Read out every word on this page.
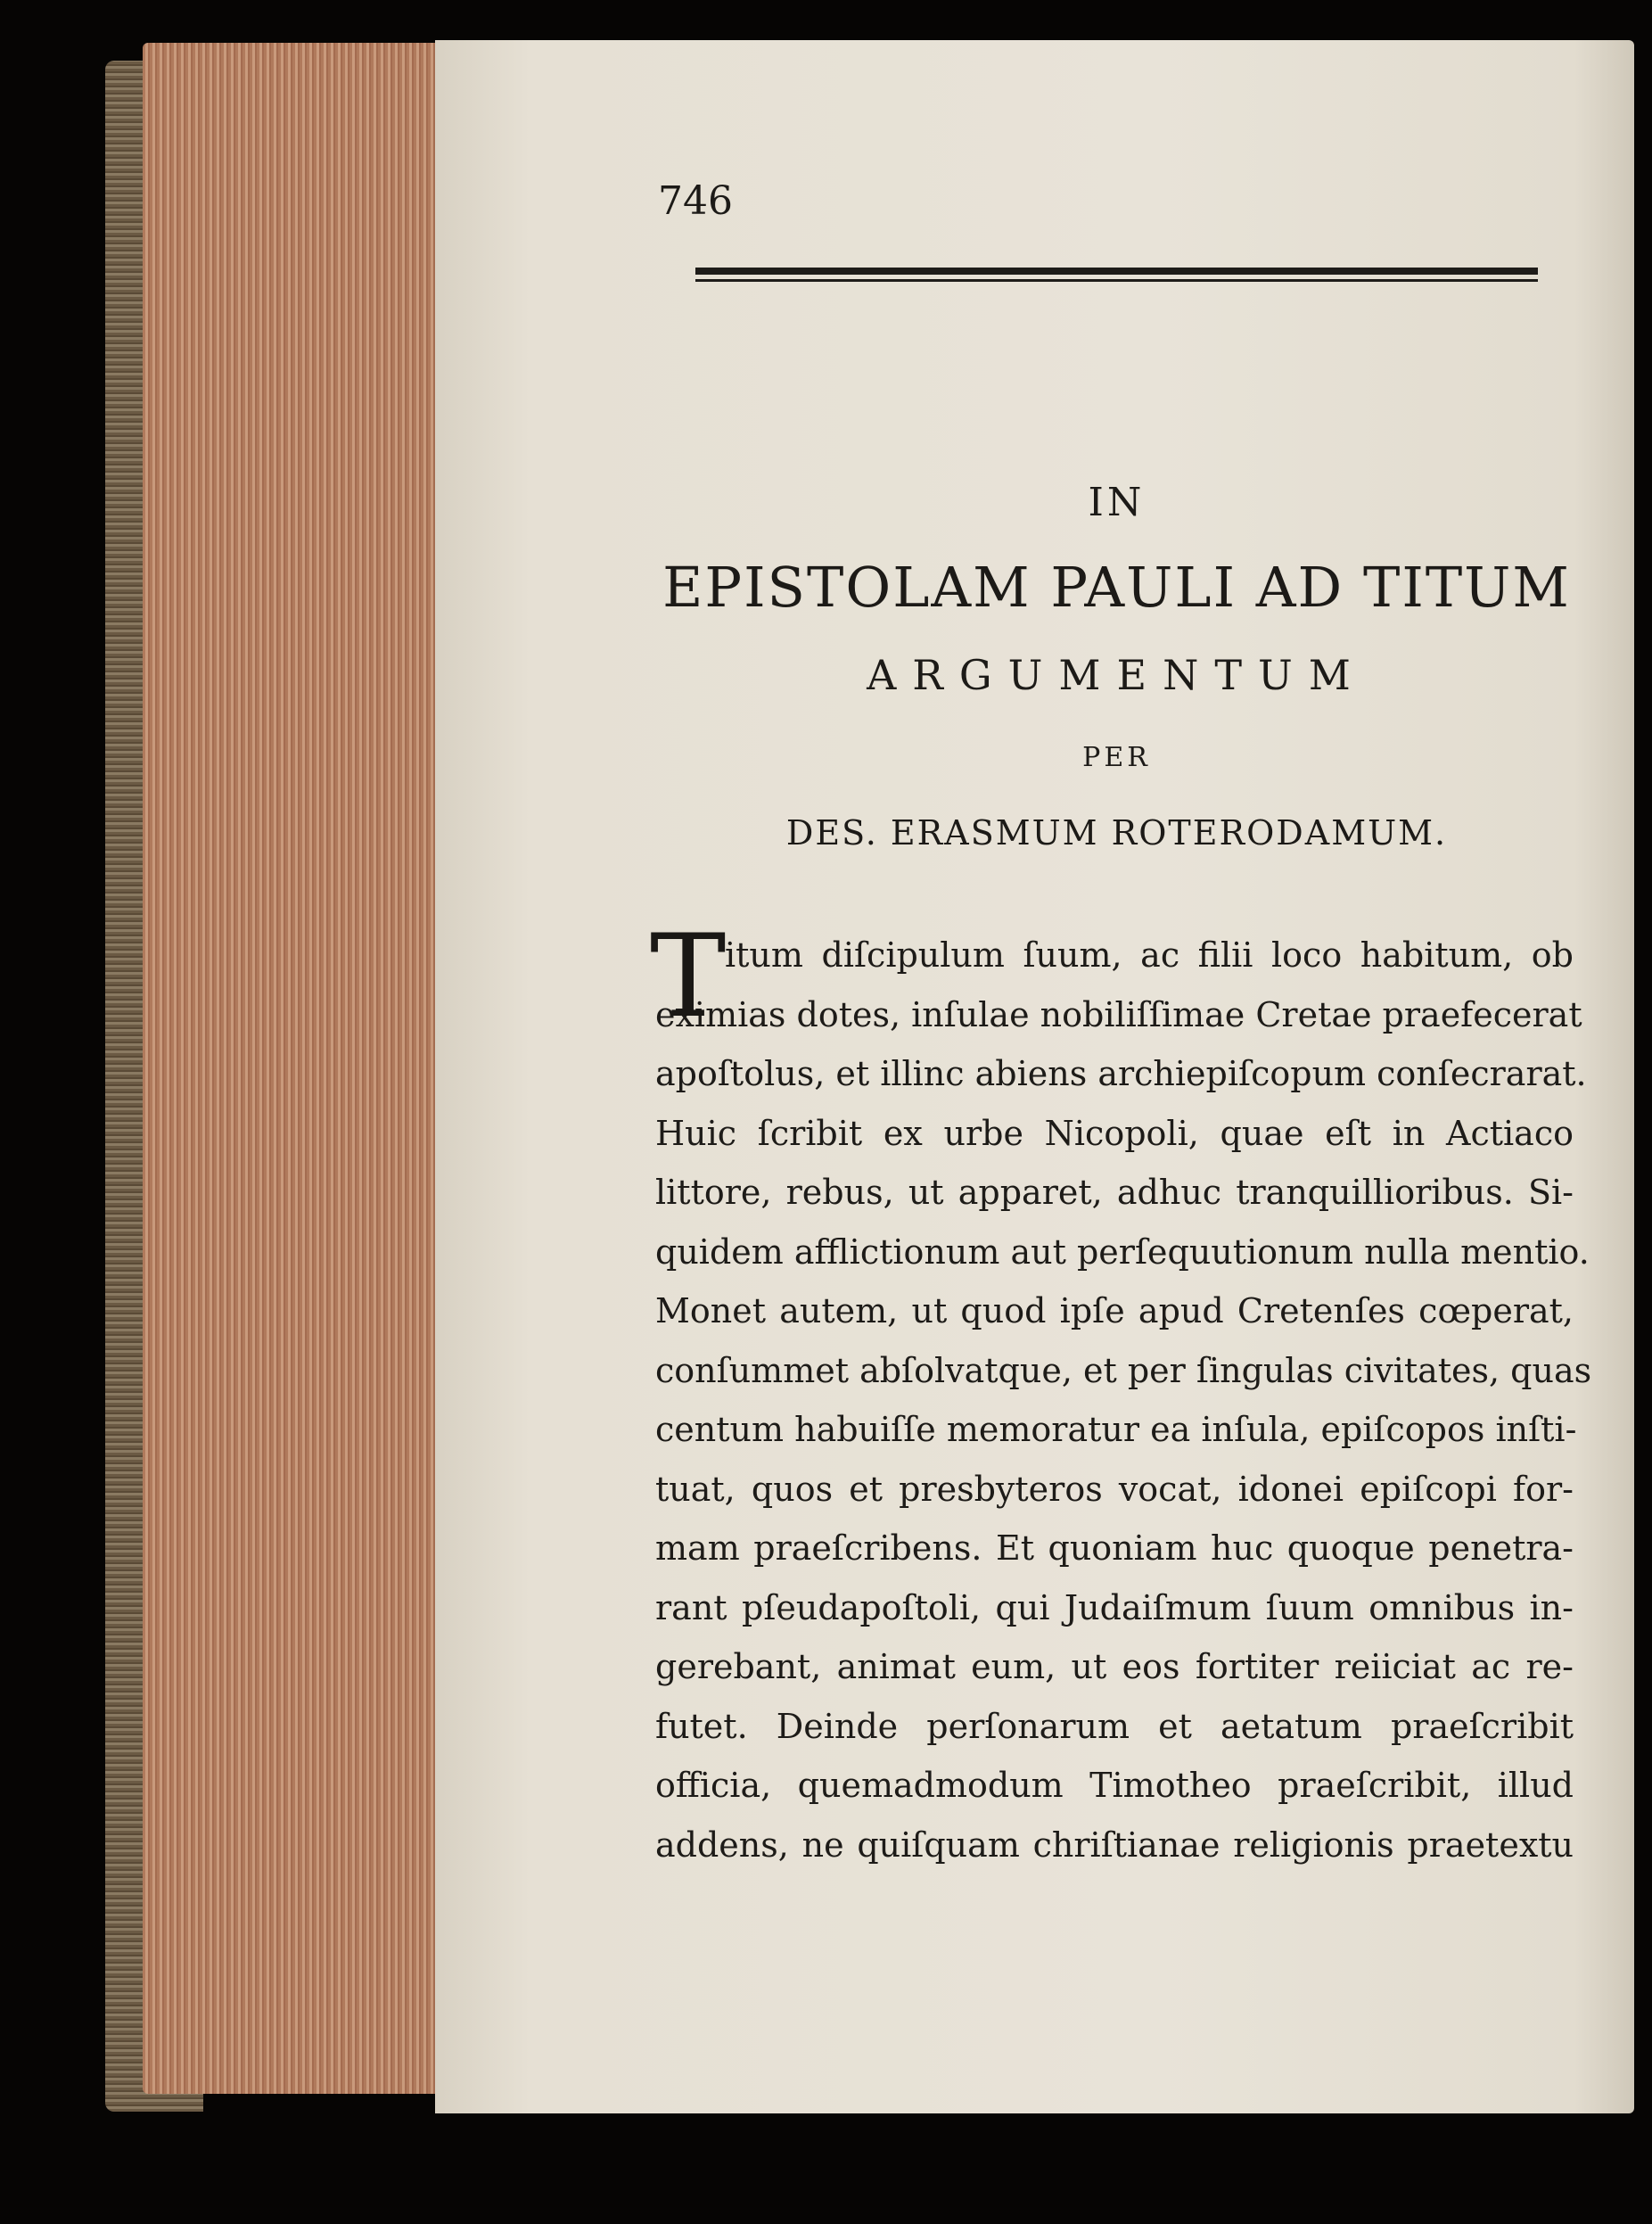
746
IN
EPISTOLAM PAULI AD TITUM
ARGUMENTUM
PER
DES. ERASMUM ROTERODAMUM.
T
itum diſcipulum ſuum, ac filii loco habitum, ob
eximias dotes, inſulae nobiliſſimae Cretae praefecerat
apoſtolus, et illinc abiens archiepiſcopum conſecrarat.
Huic ſcribit ex urbe Nicopoli, quae eſt in Actiaco
littore, rebus, ut apparet, adhuc tranquillioribus. Si-
quidem afflictionum aut perſequutionum nulla mentio.
Monet autem, ut quod ipſe apud Cretenſes cœperat,
conſummet abſolvatque, et per ſingulas civitates, quas
centum habuiſſe memoratur ea inſula, epiſcopos inſti-
tuat, quos et presbyteros vocat, idonei epiſcopi for-
mam praeſcribens. Et quoniam huc quoque penetra-
rant pſeudapoſtoli, qui Judaiſmum ſuum omnibus in-
gerebant, animat eum, ut eos fortiter reiiciat ac re-
futet. Deinde perſonarum et aetatum praeſcribit
officia, quemadmodum Timotheo praeſcribit, illud
addens, ne quiſquam chriſtianae religionis praetextu
